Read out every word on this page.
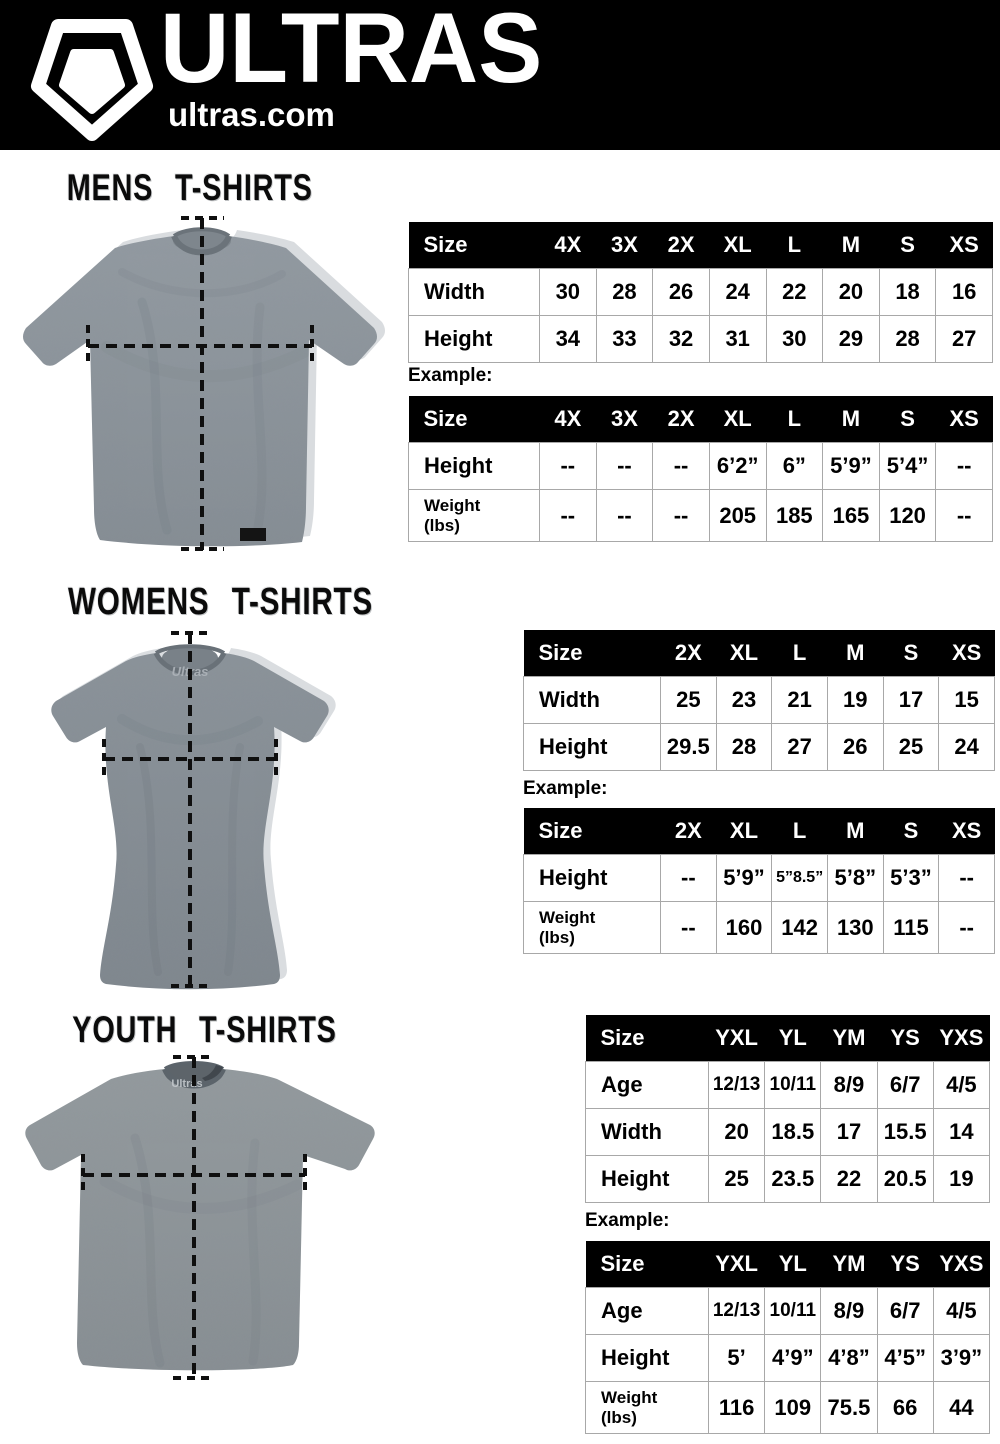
ULTRAS
ultras.com
MENS T-SHIRTS
Size	4X	3X	2X	XL	L	M	S	XS
Width	30	28	26	24	22	20	18	16
Height	34	33	32	31	30	29	28	27
Example:
Size	4X	3X	2X	XL	L	M	S	XS
Height	--	--	--	6’2”	6”	5’9”	5’4”	--
Weight
(lbs)	--	--	--	205	185	165	120	--
WOMENS T-SHIRTS
Ultras
Size	2X	XL	L	M	S	XS
Width	25	23	21	19	17	15
Height	29.5	28	27	26	25	24
Example:
Size	2X	XL	L	M	S	XS
Height	--	5’9”	5”8.5”	5’8”	5’3”	--
Weight
(lbs)	--	160	142	130	115	--
YOUTH T-SHIRTS
Ultras
Size	YXL	YL	YM	YS	YXS
Age	12/13	10/11	8/9	6/7	4/5
Width	20	18.5	17	15.5	14
Height	25	23.5	22	20.5	19
Example:
Size	YXL	YL	YM	YS	YXS
Age	12/13	10/11	8/9	6/7	4/5
Height	5’	4’9”	4’8”	4’5”	3’9”
Weight
(lbs)	116	109	75.5	66	44
